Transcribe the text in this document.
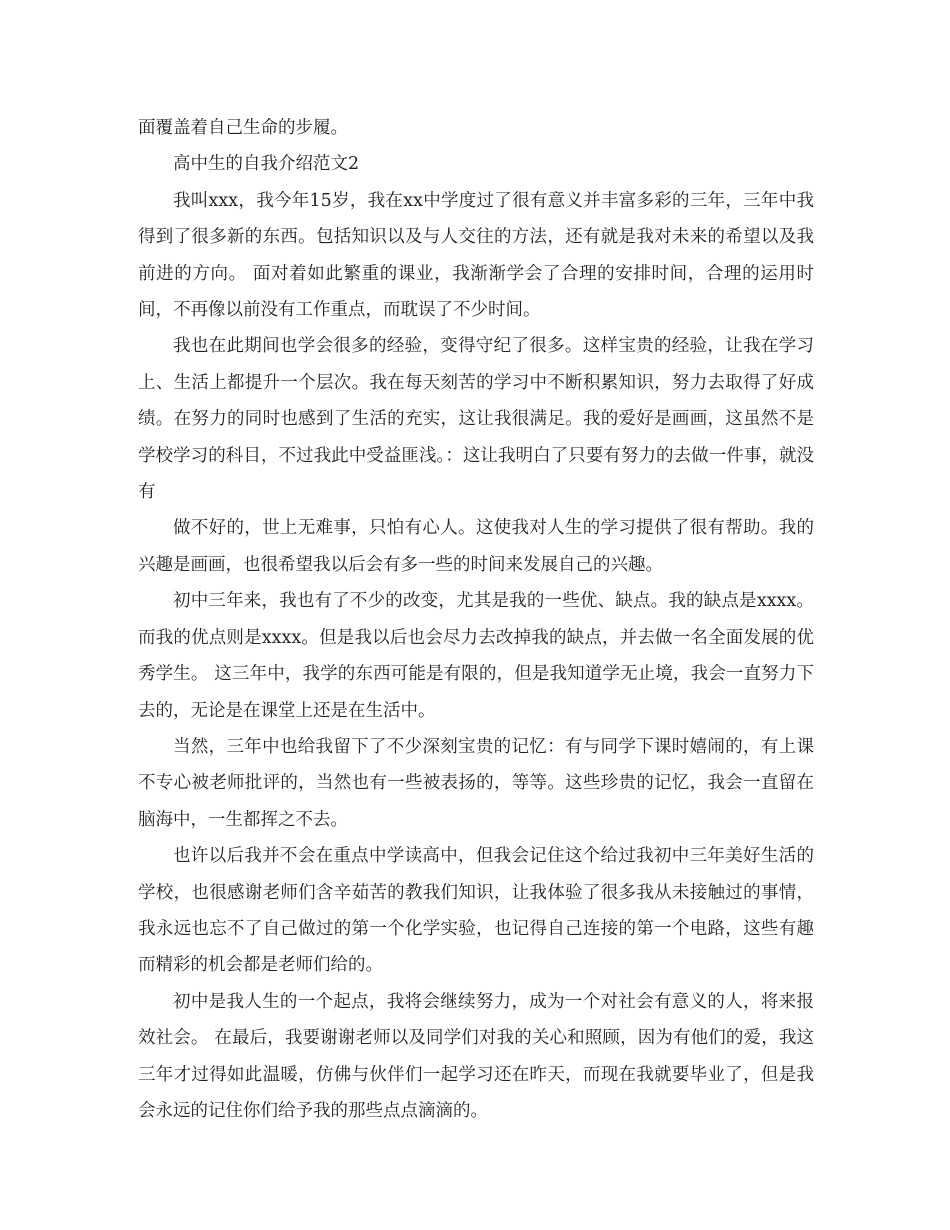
面覆盖着自己生命的步履。

高中生的自我介绍范文2

我叫xxx，我今年15岁，我在xx中学度过了很有意义并丰富多彩的三年，三年中我得到了很多新的东西。包括知识以及与人交往的方法，还有就是我对未来的希望以及我前进的方向。 面对着如此繁重的课业，我渐渐学会了合理的安排时间，合理的运用时间，不再像以前没有工作重点，而耽误了不少时间。

我也在此期间也学会很多的经验，变得守纪了很多。这样宝贵的经验，让我在学习上、生活上都提升一个层次。我在每天刻苦的学习中不断积累知识，努力去取得了好成绩。在努力的同时也感到了生活的充实，这让我很满足。我的爱好是画画，这虽然不是学校学习的科目，不过我此中受益匪浅。：这让我明白了只要有努力的去做一件事，就没有

做不好的，世上无难事，只怕有心人。这使我对人生的学习提供了很有帮助。我的兴趣是画画，也很希望我以后会有多一些的时间来发展自己的兴趣。

初中三年来，我也有了不少的改变，尤其是我的一些优、缺点。我的缺点是xxxx。而我的优点则是xxxx。但是我以后也会尽力去改掉我的缺点，并去做一名全面发展的优秀学生。 这三年中，我学的东西可能是有限的，但是我知道学无止境，我会一直努力下去的，无论是在课堂上还是在生活中。

当然，三年中也给我留下了不少深刻宝贵的记忆：有与同学下课时嬉闹的，有上课不专心被老师批评的，当然也有一些被表扬的，等等。这些珍贵的记忆，我会一直留在脑海中，一生都挥之不去。

也许以后我并不会在重点中学读高中，但我会记住这个给过我初中三年美好生活的学校，也很感谢老师们含辛茹苦的教我们知识，让我体验了很多我从未接触过的事情，我永远也忘不了自己做过的第一个化学实验，也记得自己连接的第一个电路，这些有趣而精彩的机会都是老师们给的。

初中是我人生的一个起点，我将会继续努力，成为一个对社会有意义的人，将来报效社会。 在最后，我要谢谢老师以及同学们对我的关心和照顾，因为有他们的爱，我这三年才过得如此温暖，仿佛与伙伴们一起学习还在昨天，而现在我就要毕业了，但是我会永远的记住你们给予我的那些点点滴滴的。
